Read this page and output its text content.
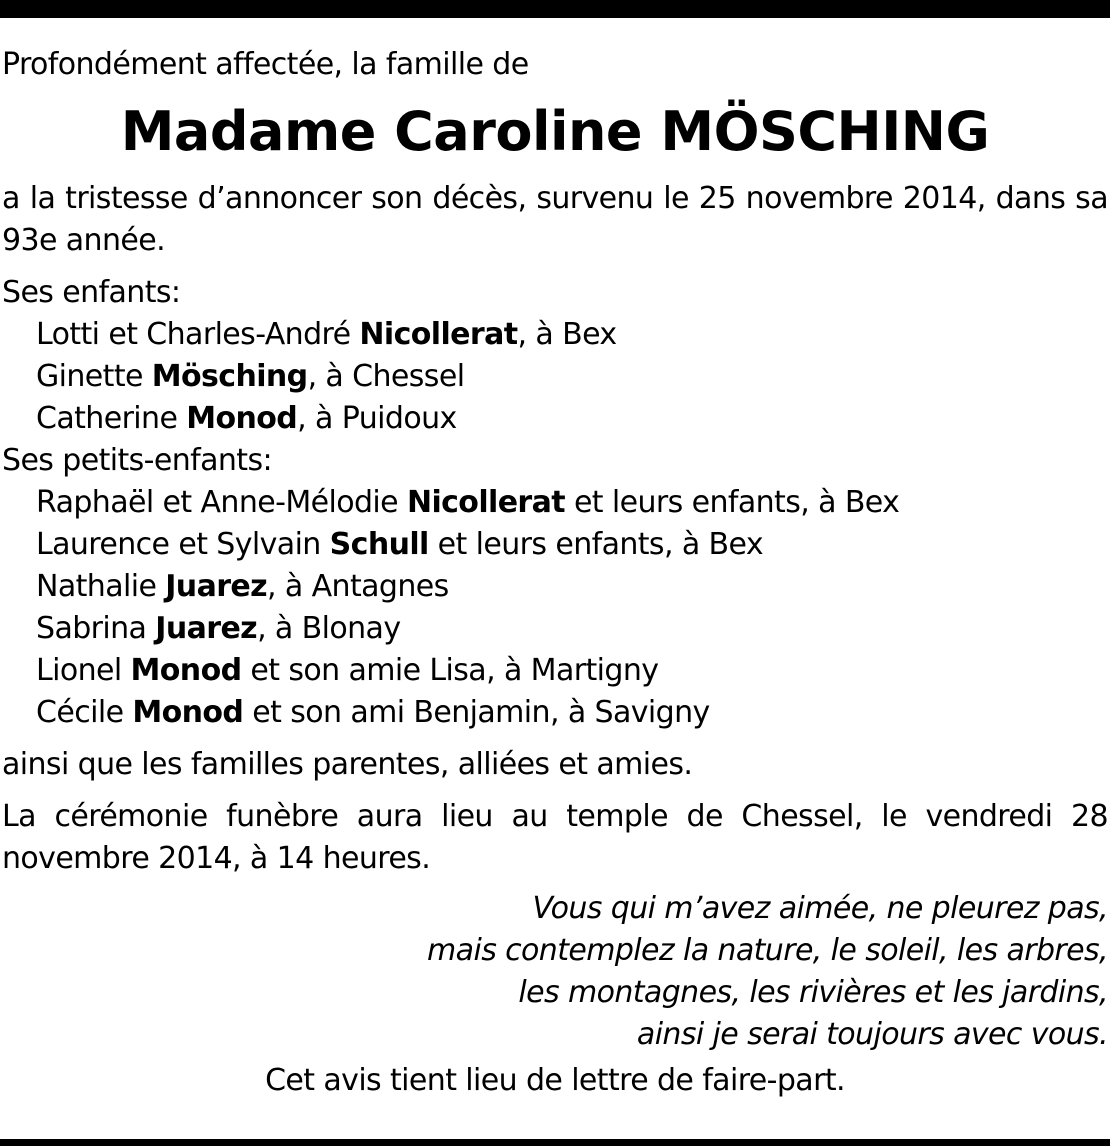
Profondément affectée, la famille de

Madame Caroline MÖSCHING

a la tristesse d’annoncer son décès, survenu le 25 novembre 2014, dans sa 93e année.

Ses enfants:

Lotti et Charles-André Nicollerat, à Bex
Ginette Mösching, à Chessel
Catherine Monod, à Puidoux

Ses petits-enfants:

Raphaël et Anne-Mélodie Nicollerat et leurs enfants, à Bex
Laurence et Sylvain Schull et leurs enfants, à Bex
Nathalie Juarez, à Antagnes
Sabrina Juarez, à Blonay
Lionel Monod et son amie Lisa, à Martigny
Cécile Monod et son ami Benjamin, à Savigny

ainsi que les familles parentes, alliées et amies.

La cérémonie funèbre aura lieu au temple de Chessel, le vendredi 28 novembre 2014, à 14 heures.

Vous qui m’avez aimée, ne pleurez pas,
mais contemplez la nature, le soleil, les arbres,
les montagnes, les rivières et les jardins,
ainsi je serai toujours avec vous.

Cet avis tient lieu de lettre de faire-part.
